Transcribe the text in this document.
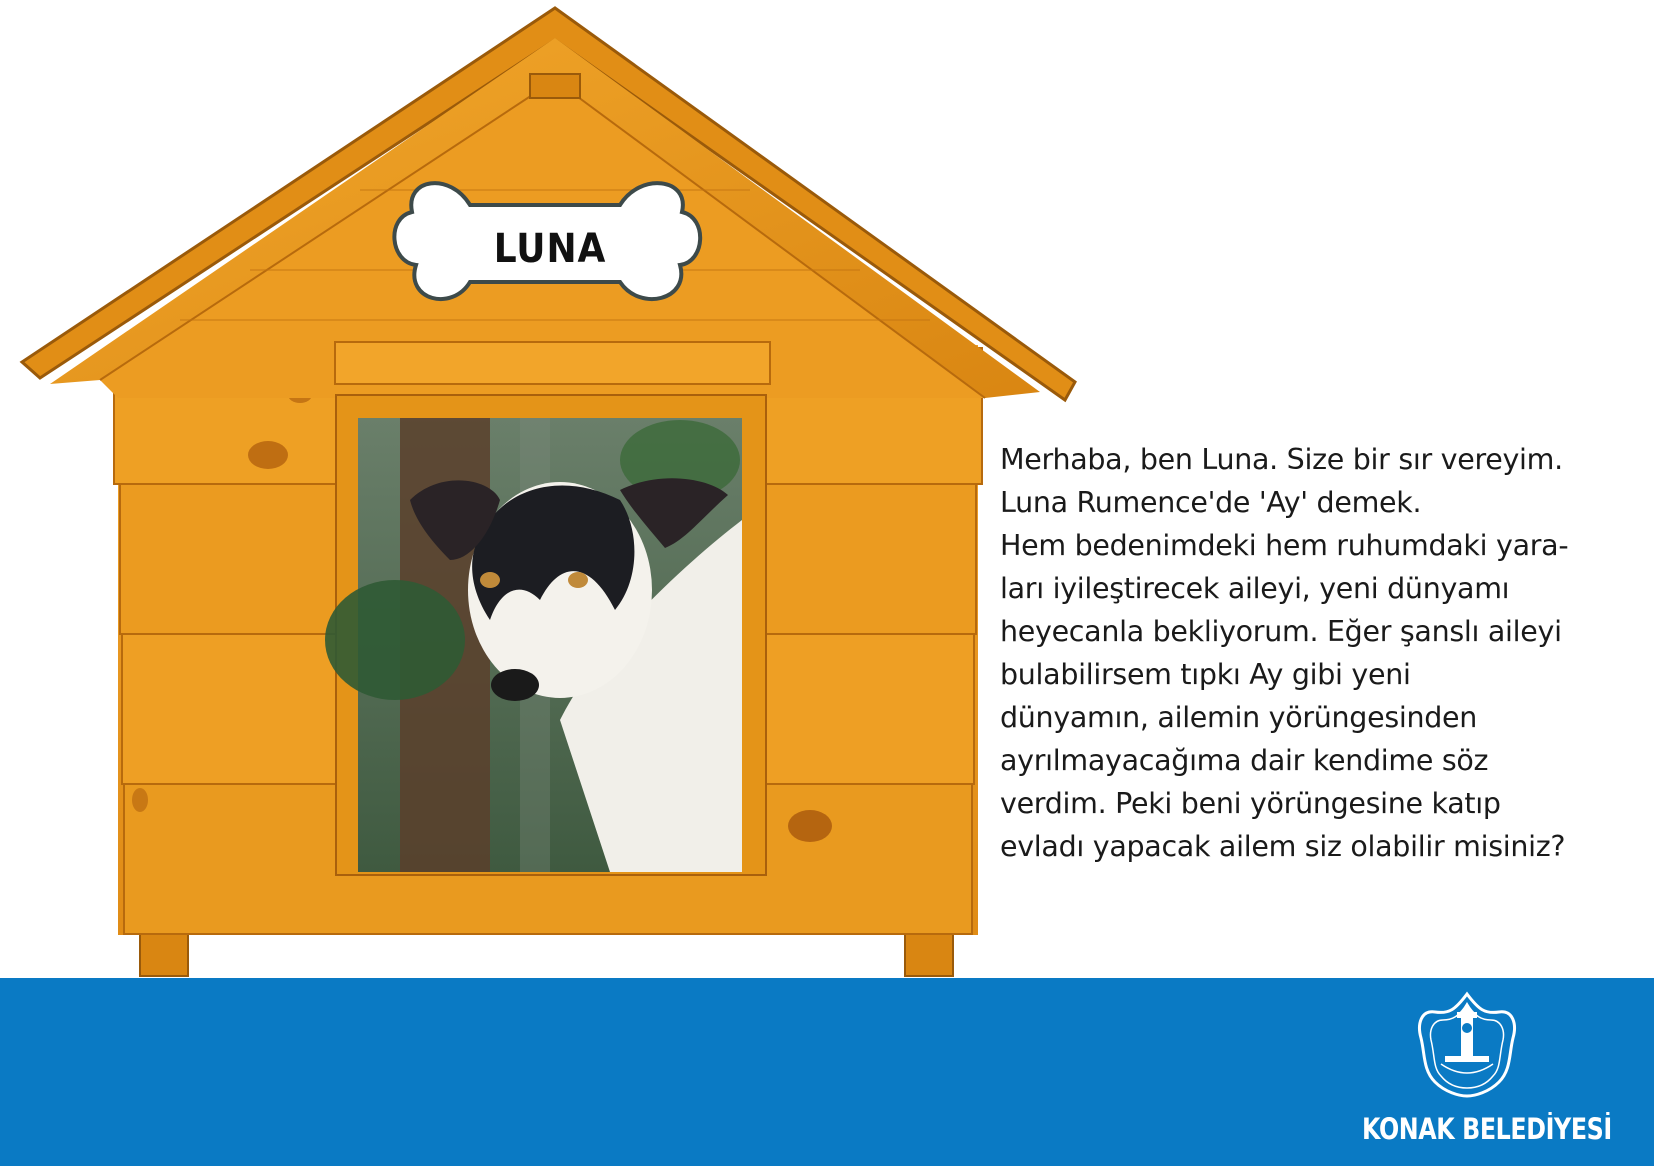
LUNA
Merhaba, ben Luna. Size bir sır vereyim.
Luna Rumence'de 'Ay' demek.
Hem bedenimdeki hem ruhumdaki yara-
ları iyileştirecek aileyi, yeni dünyamı
heyecanla bekliyorum. Eğer şanslı aileyi
bulabilirsem tıpkı Ay gibi yeni
dünyamın, ailemin yörüngesinden
ayrılmayacağıma dair kendime söz
verdim. Peki beni yörüngesine katıp
evladı yapacak ailem siz olabilir misiniz?
KONAK BELEDİYESİ
